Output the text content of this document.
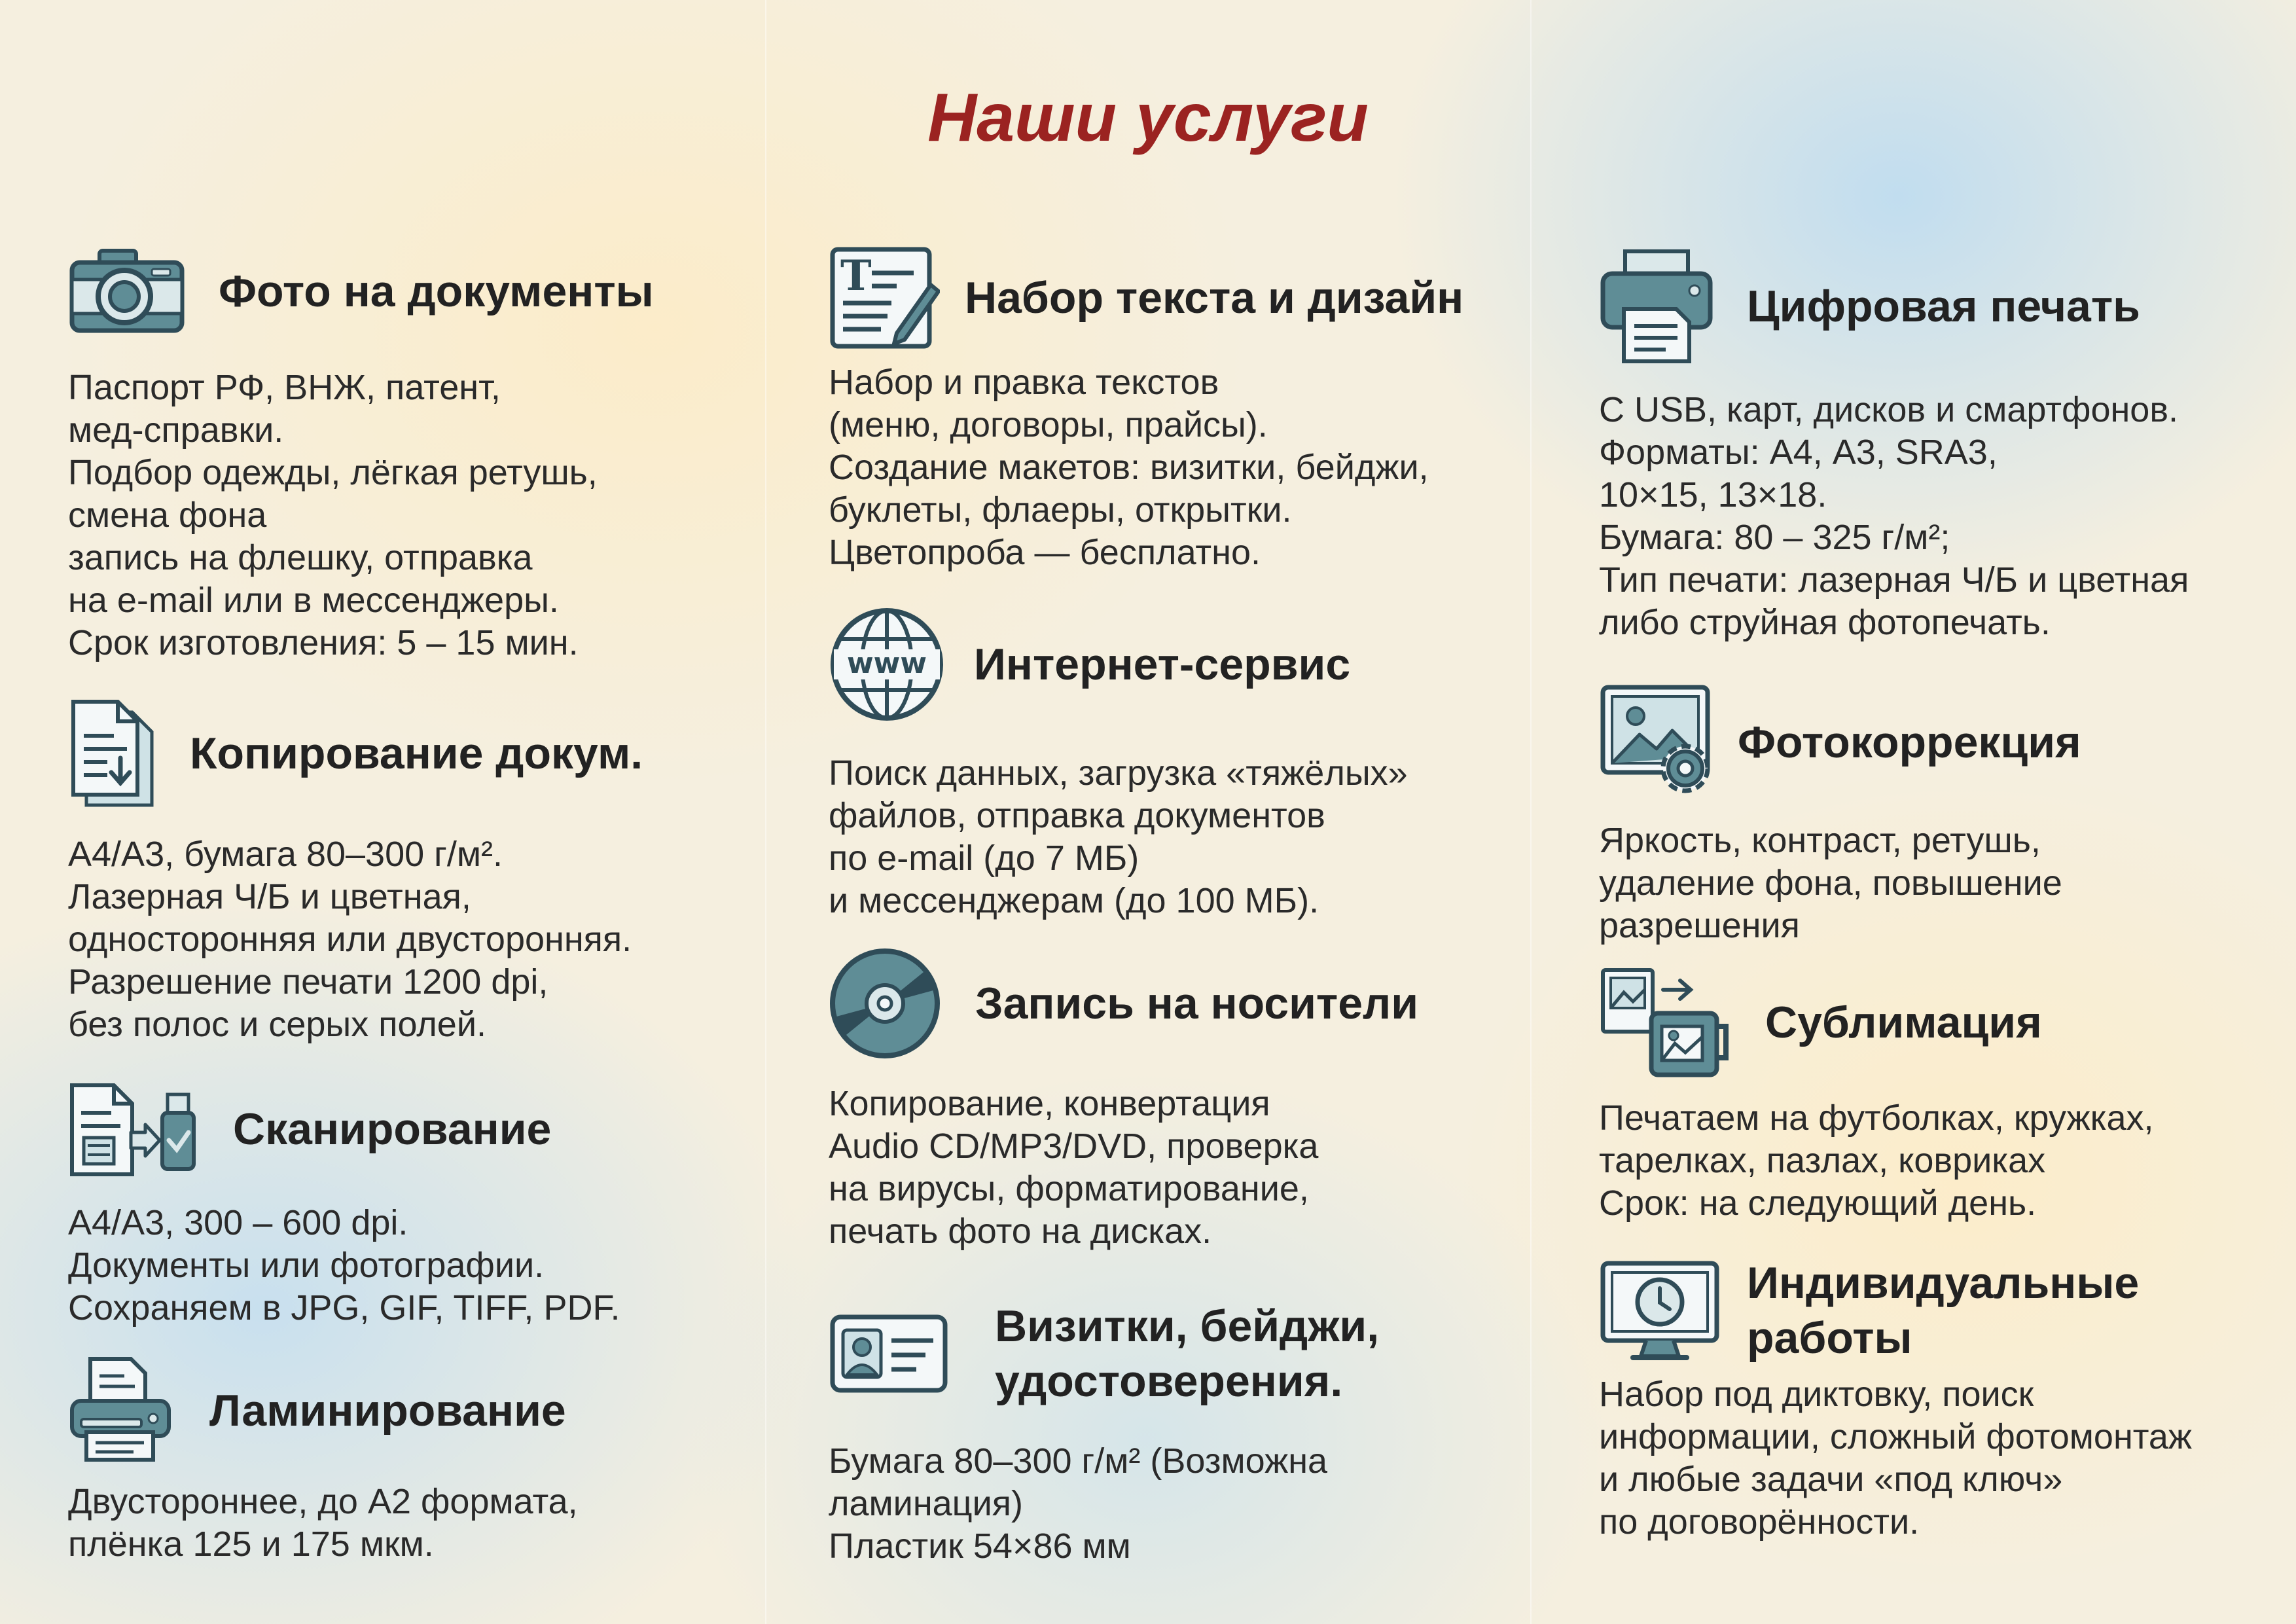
Наши услуги
Фото на документы
Паспорт РФ, ВНЖ, патент,
мед-справки.
Подбор одежды, лёгкая ретушь,
смена фона
запись на флешку, отправка
на e-mail или в мессенджеры.
Срок изготовления: 5 – 15 мин.
Копирование докум.
А4/А3, бумага 80–300 г/м².
Лазерная Ч/Б и цветная,
односторонняя или двусторонняя.
Разрешение печати 1200 dpi,
без полос и серых полей.
Сканирование
А4/А3, 300 – 600 dpi.
Документы или фотографии.
Сохраняем в JPG, GIF, TIFF, PDF.
Ламинирование
Двустороннее, до А2 формата,
плёнка 125 и 175 мкм.
T Набор текста и дизайн
Набор и правка текстов
(меню, договоры, прайсы).
Создание макетов: визитки, бейджи,
буклеты, флаеры, открытки.
Цветопроба — бесплатно.
www Интернет-сервис
Поиск данных, загрузка «тяжёлых»
файлов, отправка документов
по e-mail (до 7 МБ)
и мессенджерам (до 100 МБ).
Запись на носители
Копирование, конвертация
Audio CD/MP3/DVD, проверка
на вирусы, форматирование,
печать фото на дисках.
Визитки, бейджи,
удостоверения.
Бумага 80–300 г/м² (Возможна
ламинация)
Пластик 54×86 мм
Цифровая печать
С USB, карт, дисков и смартфонов.
Форматы: А4, А3, SRA3,
10×15, 13×18.
Бумага: 80 – 325 г/м²;
Тип печати: лазерная Ч/Б и цветная
либо струйная фотопечать.
Фотокоррекция
Яркость, контраст, ретушь,
удаление фона, повышение
разрешения
Сублимация
Печатаем на футболках, кружках,
тарелках, пазлах, ковриках
Срок: на следующий день.
Индивидуальные
работы
Набор под диктовку, поиск
информации, сложный фотомонтаж
и любые задачи «под ключ»
по договорённости.
